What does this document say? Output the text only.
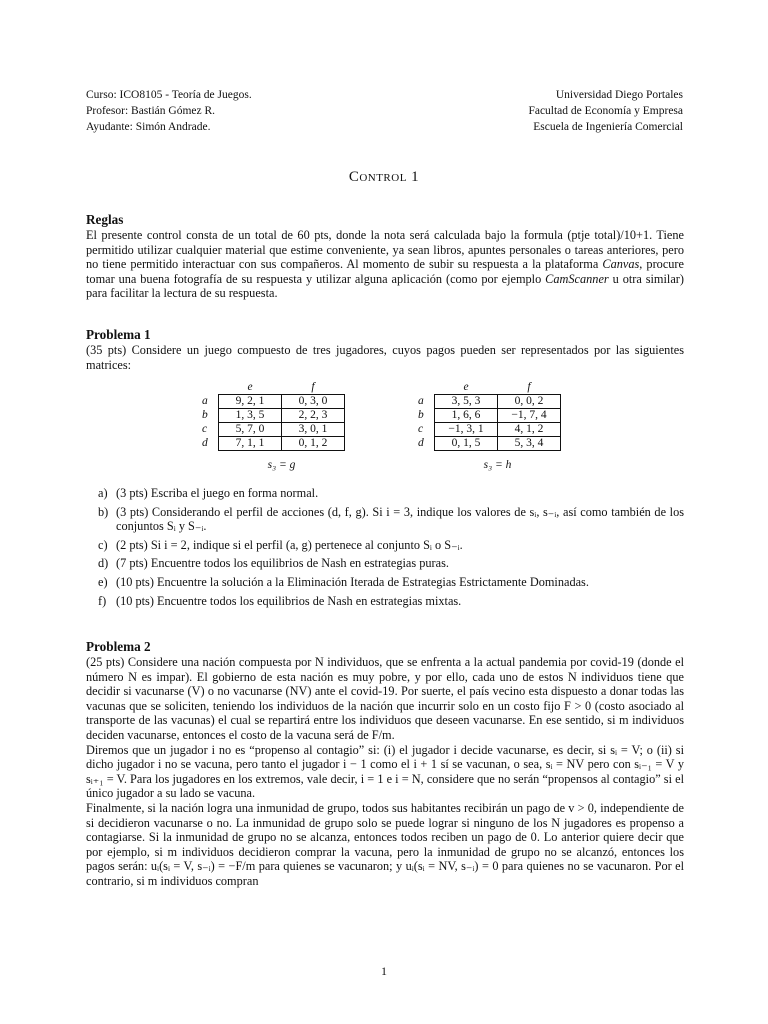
Curso: ICO8105 - Teoría de Juegos.
Profesor: Bastián Gómez R.
Ayudante: Simón Andrade.
Universidad Diego Portales
Facultad de Economía y Empresa
Escuela de Ingeniería Comercial
Control 1
Reglas

El presente control consta de un total de 60 pts, donde la nota será calculada bajo la formula (ptje total)/10+1. Tiene permitido utilizar cualquier material que estime conveniente, ya sean libros, apuntes personales o tareas anteriores, pero no tiene permitido interactuar con sus compañeros. Al momento de subir su respuesta a la plataforma Canvas, procure tomar una buena fotografía de su respuesta y utilizar alguna aplicación (como por ejemplo CamScanner u otra similar) para facilitar la lectura de su respuesta.

Problema 1

(35 pts) Considere un juego compuesto de tres jugadores, cuyos pagos pueden ser representados por las siguientes matrices:

	e	f
a	9, 2, 1	0, 3, 0
b	1, 3, 5	2, 2, 3
c	5, 7, 0	3, 0, 1
d	7, 1, 1	0, 1, 2
s₃ = g
	e	f
a	3, 5, 3	0, 0, 2
b	1, 6, 6	−1, 7, 4
c	−1, 3, 1	4, 1, 2
d	0, 1, 5	5, 3, 4
s₃ = h
a) (3 pts) Escriba el juego en forma normal.
b) (3 pts) Considerando el perfil de acciones (d, f, g). Si i = 3, indique los valores de sᵢ, s₋ᵢ, así como también de los conjuntos Sᵢ y S₋ᵢ.
c) (2 pts) Si i = 2, indique si el perfil (a, g) pertenece al conjunto Sᵢ o S₋ᵢ.
d) (7 pts) Encuentre todos los equilibrios de Nash en estrategias puras.
e) (10 pts) Encuentre la solución a la Eliminación Iterada de Estrategias Estrictamente Dominadas.
f) (10 pts) Encuentre todos los equilibrios de Nash en estrategias mixtas.
Problema 2

(25 pts) Considere una nación compuesta por N individuos, que se enfrenta a la actual pandemia por covid-19 (donde el número N es impar). El gobierno de esta nación es muy pobre, y por ello, cada uno de estos N individuos tiene que decidir si vacunarse (V) o no vacunarse (NV) ante el covid-19. Por suerte, el país vecino esta dispuesto a donar todas las vacunas que se soliciten, teniendo los individuos de la nación que incurrir solo en un costo fijo F > 0 (costo asociado al transporte de las vacunas) el cual se repartirá entre los individuos que deseen vacunarse. En ese sentido, si m individuos deciden vacunarse, entonces el costo de la vacuna será de F/m.

Diremos que un jugador i no es “propenso al contagio” si: (i) el jugador i decide vacunarse, es decir, si sᵢ = V; o (ii) si dicho jugador i no se vacuna, pero tanto el jugador i − 1 como el i + 1 sí se vacunan, o sea, sᵢ = NV pero con sᵢ₋₁ = V y sᵢ₊₁ = V. Para los jugadores en los extremos, vale decir, i = 1 e i = N, considere que no serán “propensos al contagio” si el único jugador a su lado se vacuna.

Finalmente, si la nación logra una inmunidad de grupo, todos sus habitantes recibirán un pago de v > 0, independiente de si decidieron vacunarse o no. La inmunidad de grupo solo se puede lograr si ninguno de los N jugadores es propenso a contagiarse. Si la inmunidad de grupo no se alcanza, entonces todos reciben un pago de 0. Lo anterior quiere decir que por ejemplo, si m individuos decidieron comprar la vacuna, pero la inmunidad de grupo no se alcanzó, entonces los pagos serán: uᵢ(sᵢ = V, s₋ᵢ) = −F/m para quienes se vacunaron; y uᵢ(sᵢ = NV, s₋ᵢ) = 0 para quienes no se vacunaron. Por el contrario, si m individuos compran

1
